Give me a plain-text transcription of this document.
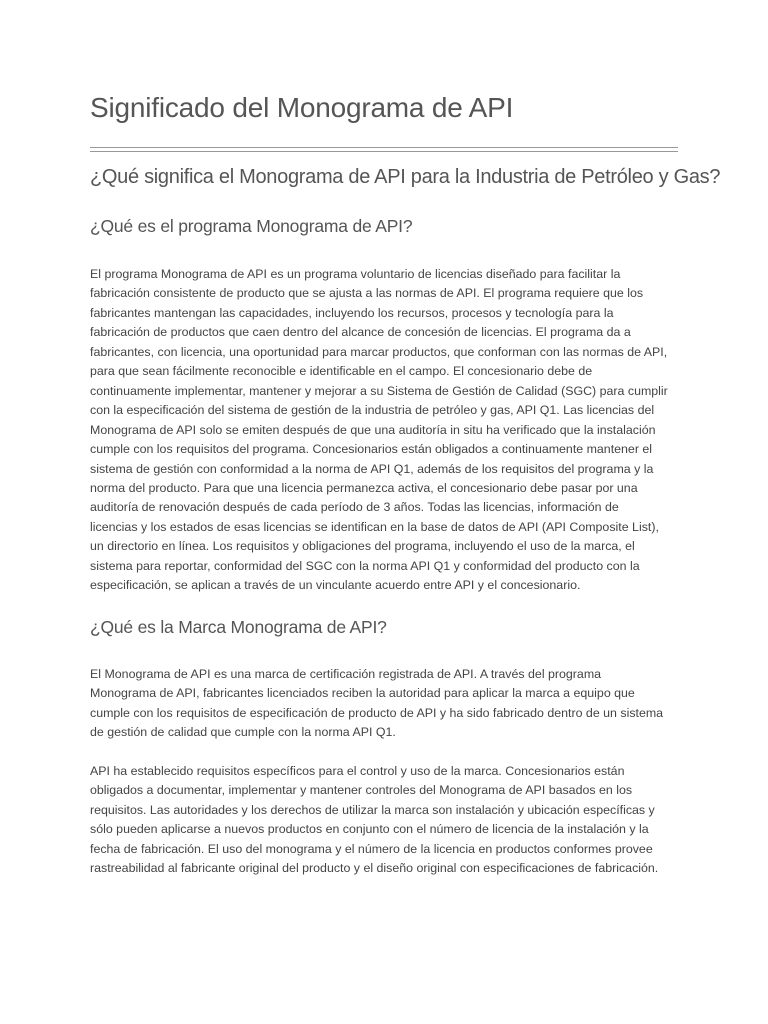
Significado del Monograma de API
¿Qué significa el Monograma de API para la Industria de Petróleo y Gas?
¿Qué es el programa Monograma de API?
El programa Monograma de API es un programa voluntario de licencias diseñado para facilitar la
fabricación consistente de producto que se ajusta a las normas de API. El programa requiere que los
fabricantes mantengan las capacidades, incluyendo los recursos, procesos y tecnología para la
fabricación de productos que caen dentro del alcance de concesión de licencias. El programa da a
fabricantes, con licencia, una oportunidad para marcar productos, que conforman con las normas de API,
para que sean fácilmente reconocible e identificable en el campo. El concesionario debe de
continuamente implementar, mantener y mejorar a su Sistema de Gestión de Calidad (SGC) para cumplir
con la especificación del sistema de gestión de la industria de petróleo y gas, API Q1. Las licencias del
Monograma de API solo se emiten después de que una auditoría in situ ha verificado que la instalación
cumple con los requisitos del programa. Concesionarios están obligados a continuamente mantener el
sistema de gestión con conformidad a la norma de API Q1, además de los requisitos del programa y la
norma del producto. Para que una licencia permanezca activa, el concesionario debe pasar por una
auditoría de renovación después de cada período de 3 años. Todas las licencias, información de
licencias y los estados de esas licencias se identifican en la base de datos de API (API Composite List),
un directorio en línea. Los requisitos y obligaciones del programa, incluyendo el uso de la marca, el
sistema para reportar, conformidad del SGC con la norma API Q1 y conformidad del producto con la
especificación, se aplican a través de un vinculante acuerdo entre API y el concesionario.
¿Qué es la Marca Monograma de API?
El Monograma de API es una marca de certificación registrada de API. A través del programa
Monograma de API, fabricantes licenciados reciben la autoridad para aplicar la marca a equipo que
cumple con los requisitos de especificación de producto de API y ha sido fabricado dentro de un sistema
de gestión de calidad que cumple con la norma API Q1.
API ha establecido requisitos específicos para el control y uso de la marca. Concesionarios están
obligados a documentar, implementar y mantener controles del Monograma de API basados en los
requisitos. Las autoridades y los derechos de utilizar la marca son instalación y ubicación específicas y
sólo pueden aplicarse a nuevos productos en conjunto con el número de licencia de la instalación y la
fecha de fabricación. El uso del monograma y el número de la licencia en productos conformes provee
rastreabilidad al fabricante original del producto y el diseño original con especificaciones de fabricación.
